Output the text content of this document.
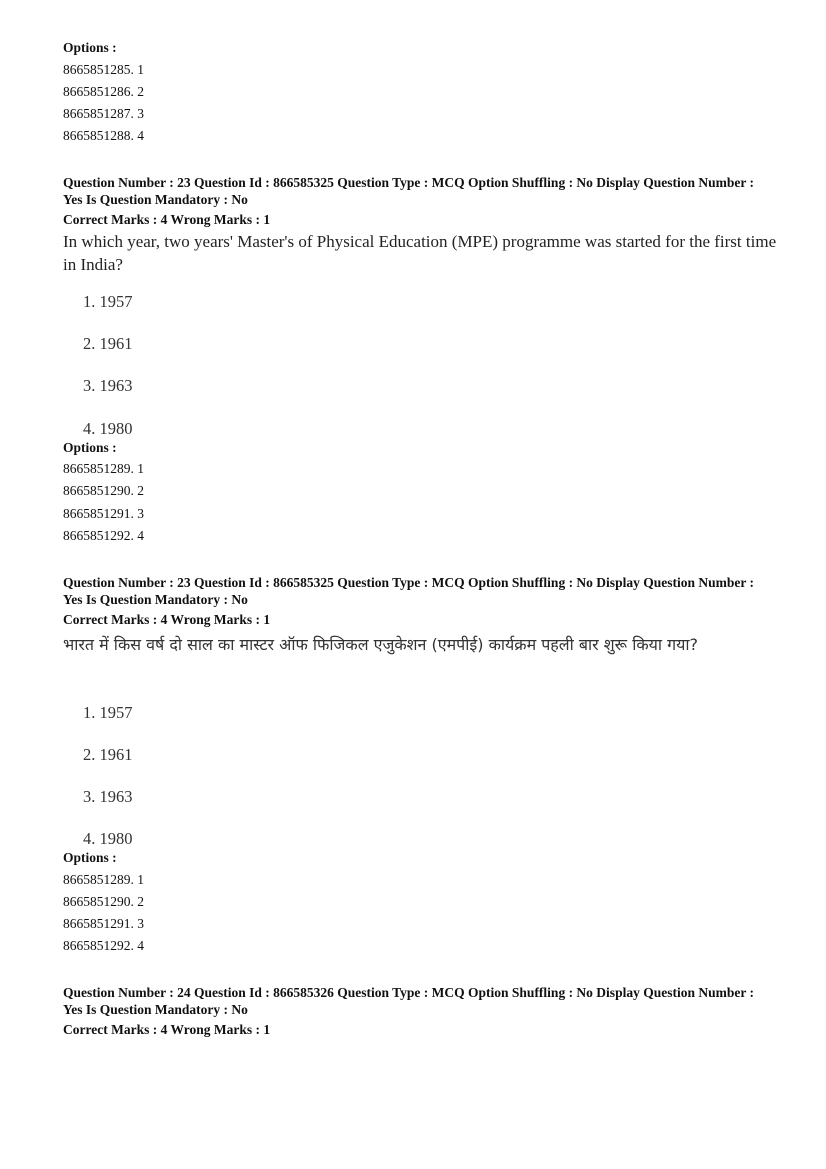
Options :
8665851285. 1
8665851286. 2
8665851287. 3
8665851288. 4
Question Number : 23 Question Id : 866585325 Question Type : MCQ Option Shuffling : No Display Question Number : Yes Is Question Mandatory : No
Correct Marks : 4 Wrong Marks : 1
In which year, two years' Master's of Physical Education (MPE) programme was started for the first time in India?
1. 1957
2. 1961
3. 1963
4. 1980
Options :
8665851289. 1
8665851290. 2
8665851291. 3
8665851292. 4
Question Number : 23 Question Id : 866585325 Question Type : MCQ Option Shuffling : No Display Question Number : Yes Is Question Mandatory : No
Correct Marks : 4 Wrong Marks : 1
भारत में किस वर्ष दो साल का मास्टर ऑफ फिजिकल एजुकेशन (एमपीई) कार्यक्रम पहली बार शुरू किया गया?
1. 1957
2. 1961
3. 1963
4. 1980
Options :
8665851289. 1
8665851290. 2
8665851291. 3
8665851292. 4
Question Number : 24 Question Id : 866585326 Question Type : MCQ Option Shuffling : No Display Question Number : Yes Is Question Mandatory : No
Correct Marks : 4 Wrong Marks : 1
